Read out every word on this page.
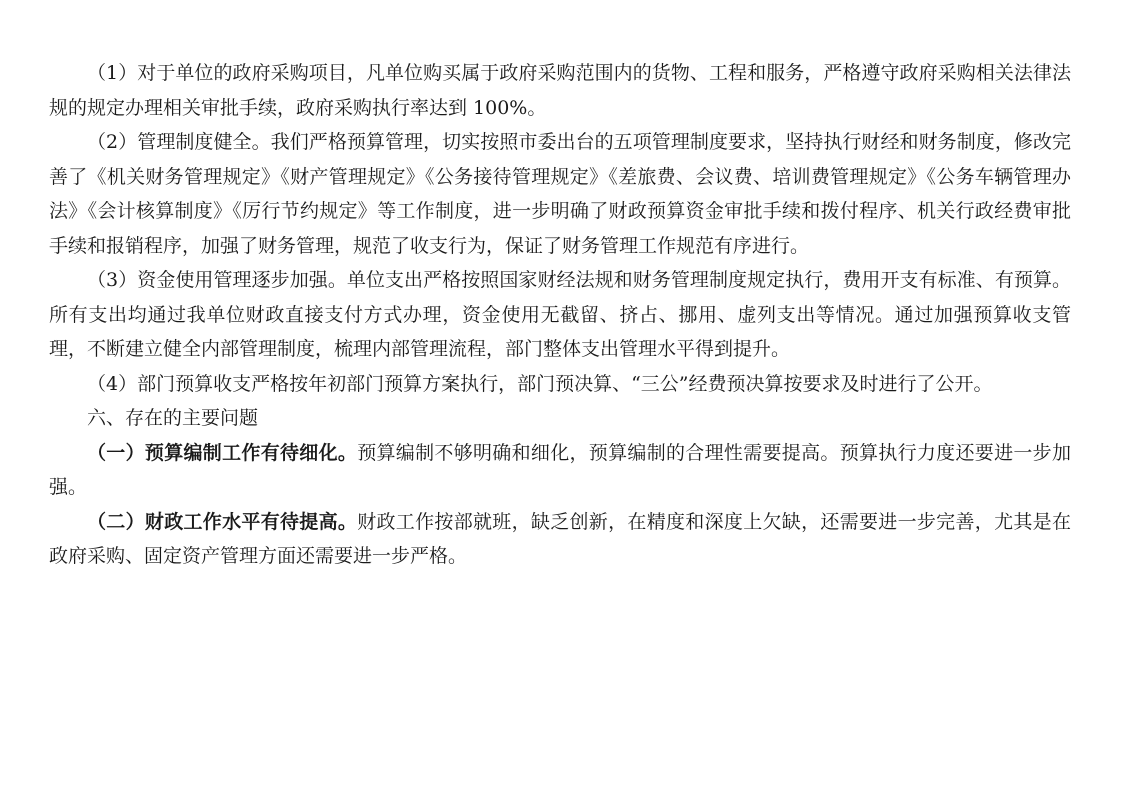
（1）对于单位的政府采购项目，凡单位购买属于政府采购范围内的货物、工程和服务，严格遵守政府采购相关法律法规的规定办理相关审批手续，政府采购执行率达到 100%。

（2）管理制度健全。我们严格预算管理，切实按照市委出台的五项管理制度要求，坚持执行财经和财务制度，修改完善了《机关财务管理规定》《财产管理规定》《公务接待管理规定》《差旅费、会议费、培训费管理规定》《公务车辆管理办法》《会计核算制度》《厉行节约规定》等工作制度，进一步明确了财政预算资金审批手续和拨付程序、机关行政经费审批手续和报销程序，加强了财务管理，规范了收支行为，保证了财务管理工作规范有序进行。

（3）资金使用管理逐步加强。单位支出严格按照国家财经法规和财务管理制度规定执行，费用开支有标准、有预算。所有支出均通过我单位财政直接支付方式办理，资金使用无截留、挤占、挪用、虚列支出等情况。通过加强预算收支管理，不断建立健全内部管理制度，梳理内部管理流程，部门整体支出管理水平得到提升。

（4）部门预算收支严格按年初部门预算方案执行，部门预决算、“三公”经费预决算按要求及时进行了公开。

六、存在的主要问题

（一）预算编制工作有待细化。预算编制不够明确和细化，预算编制的合理性需要提高。预算执行力度还要进一步加强。

（二）财政工作水平有待提高。财政工作按部就班，缺乏创新，在精度和深度上欠缺，还需要进一步完善，尤其是在政府采购、固定资产管理方面还需要进一步严格。
